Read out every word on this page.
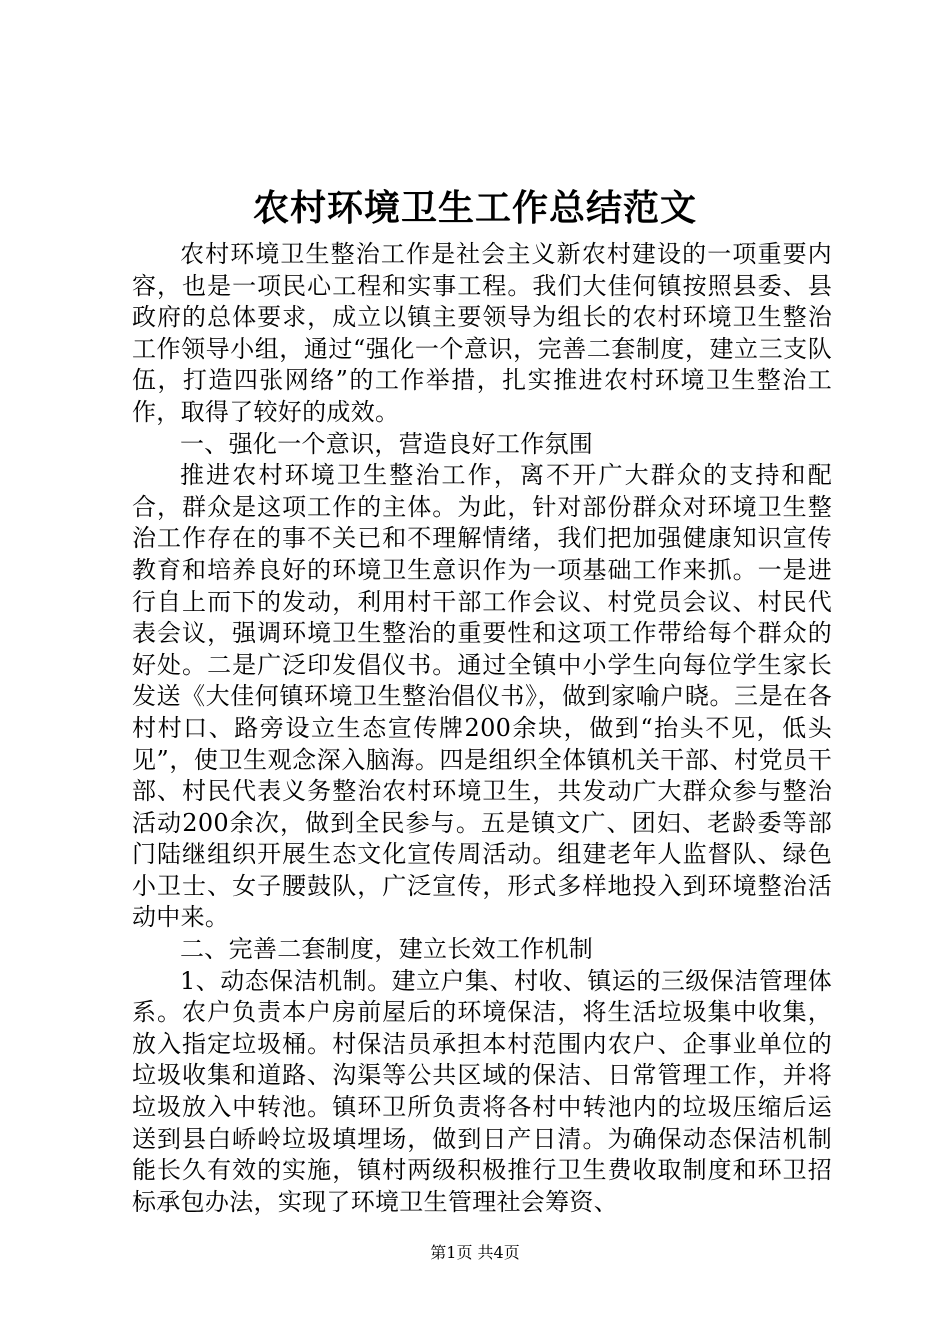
农村环境卫生工作总结范文

农村环境卫生整治工作是社会主义新农村建设的一项重要内容，也是一项民心工程和实事工程。我们大佳何镇按照县委、县政府的总体要求，成立以镇主要领导为组长的农村环境卫生整治工作领导小组，通过“强化一个意识，完善二套制度，建立三支队伍，打造四张网络”的工作举措，扎实推进农村环境卫生整治工作，取得了较好的成效。

一、强化一个意识，营造良好工作氛围

推进农村环境卫生整治工作，离不开广大群众的支持和配合，群众是这项工作的主体。为此，针对部份群众对环境卫生整治工作存在的事不关已和不理解情绪，我们把加强健康知识宣传教育和培养良好的环境卫生意识作为一项基础工作来抓。一是进行自上而下的发动，利用村干部工作会议、村党员会议、村民代表会议，强调环境卫生整治的重要性和这项工作带给每个群众的好处。二是广泛印发倡仪书。通过全镇中小学生向每位学生家长发送《大佳何镇环境卫生整治倡仪书》，做到家喻户晓。三是在各村村口、路旁设立生态宣传牌200余块，做到“抬头不见，低头见”，使卫生观念深入脑海。四是组织全体镇机关干部、村党员干部、村民代表义务整治农村环境卫生，共发动广大群众参与整治活动200余次，做到全民参与。五是镇文广、团妇、老龄委等部门陆继组织开展生态文化宣传周活动。组建老年人监督队、绿色小卫士、女子腰鼓队，广泛宣传，形式多样地投入到环境整治活动中来。

二、完善二套制度，建立长效工作机制

1、动态保洁机制。建立户集、村收、镇运的三级保洁管理体系。农户负责本户房前屋后的环境保洁，将生活垃圾集中收集，放入指定垃圾桶。村保洁员承担本村范围内农户、企事业单位的垃圾收集和道路、沟渠等公共区域的保洁、日常管理工作，并将垃圾放入中转池。镇环卫所负责将各村中转池内的垃圾压缩后运送到县白峤岭垃圾填埋场，做到日产日清。为确保动态保洁机制能长久有效的实施，镇村两级积极推行卫生费收取制度和环卫招标承包办法，实现了环境卫生管理社会筹资、

第1页 共4页
